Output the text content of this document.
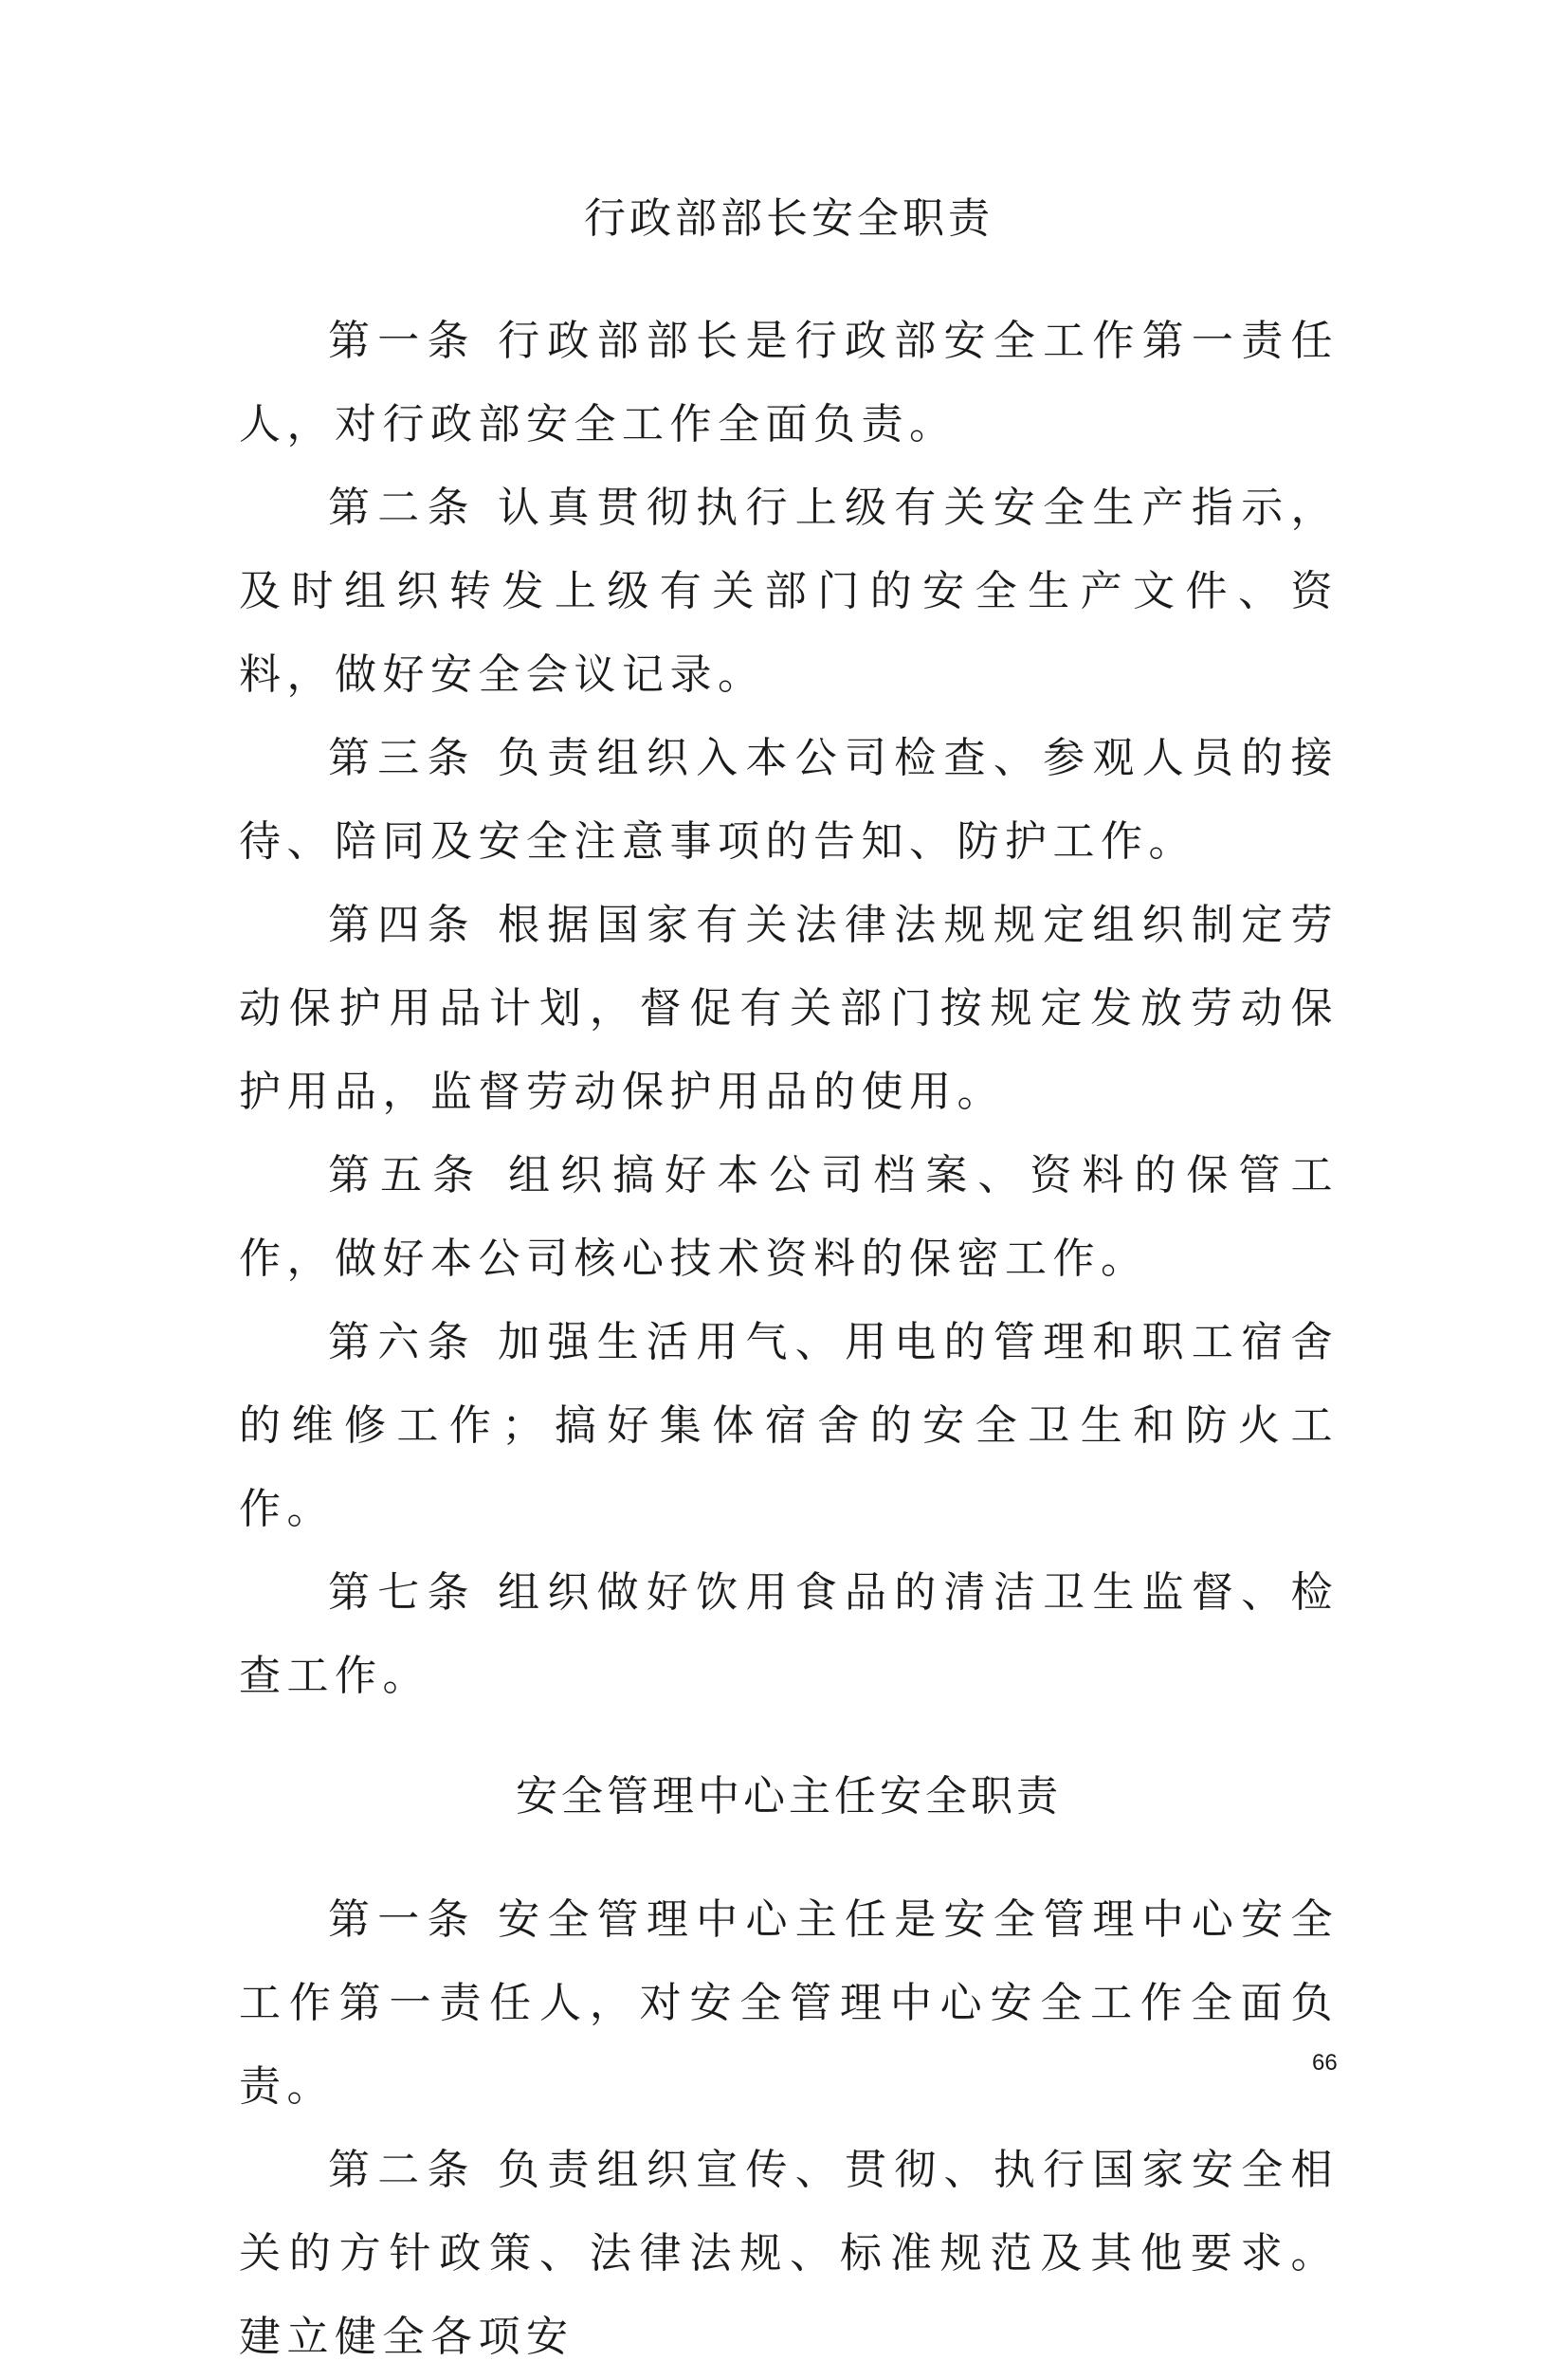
行政部部长安全职责

第一条 行政部部长是行政部安全工作第一责任人，对行政部安全工作全面负责。

第二条 认真贯彻执行上级有关安全生产指示，及时组织转发上级有关部门的安全生产文件、资料，做好安全会议记录。

第三条 负责组织入本公司检查、参观人员的接待、陪同及安全注意事项的告知、防护工作。

第四条 根据国家有关法律法规规定组织制定劳动保护用品计划，督促有关部门按规定发放劳动保护用品，监督劳动保护用品的使用。

第五条 组织搞好本公司档案、资料的保管工作，做好本公司核心技术资料的保密工作。

第六条 加强生活用气、用电的管理和职工宿舍的维修工作；搞好集体宿舍的安全卫生和防火工作。

第七条 组织做好饮用食品的清洁卫生监督、检查工作。

安全管理中心主任安全职责

第一条 安全管理中心主任是安全管理中心安全工作第一责任人，对安全管理中心安全工作全面负责。

第二条 负责组织宣传、贯彻、执行国家安全相关的方针政策、法律法规、标准规范及其他要求。建立健全各项安

66
